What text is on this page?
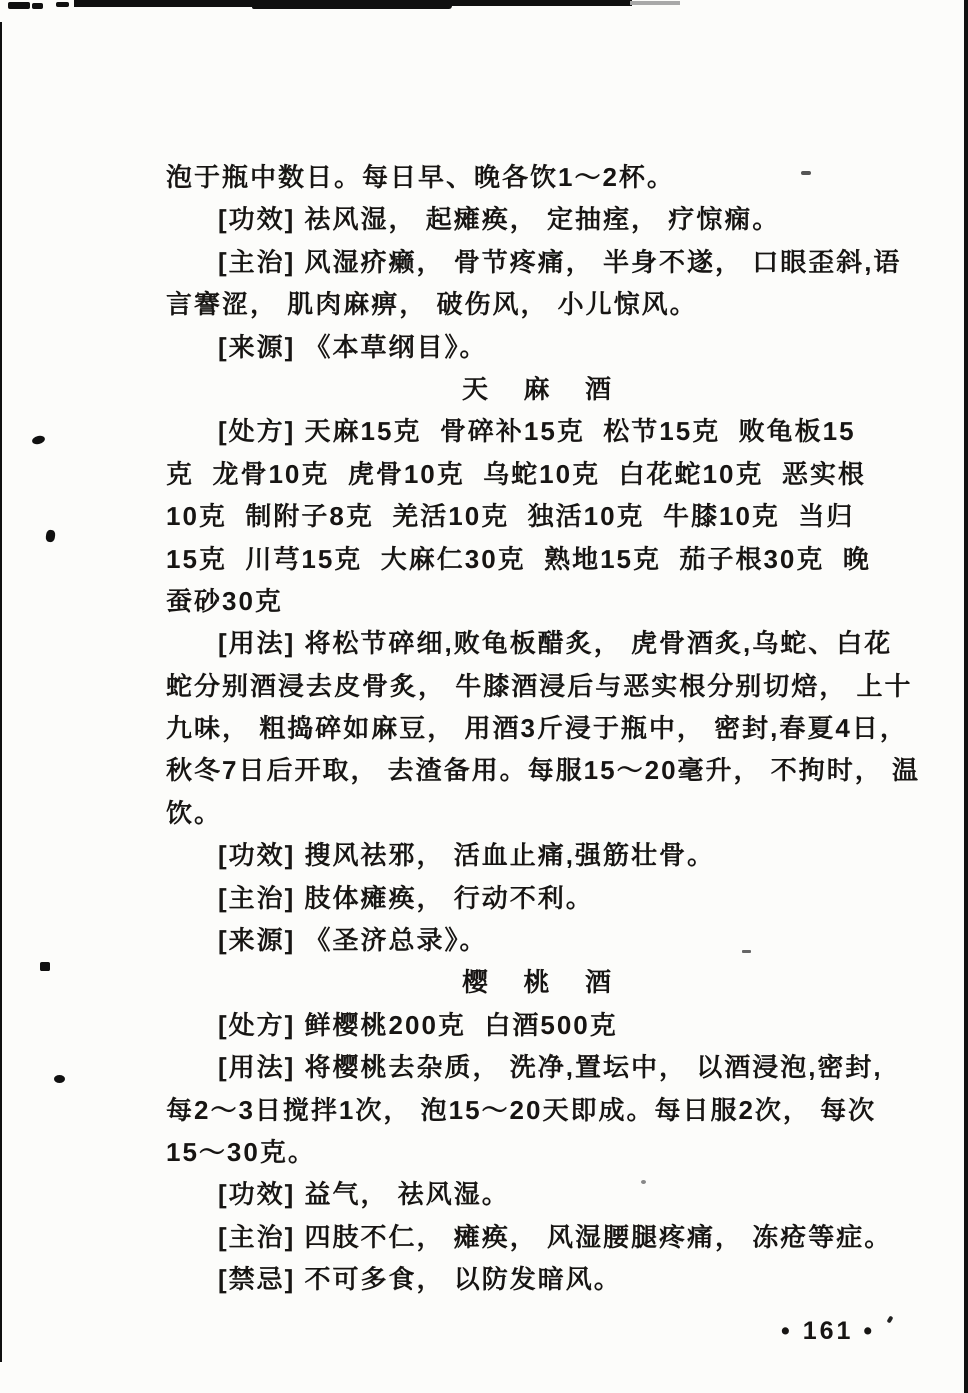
泡于瓶中数日。每日早、晚各饮1～2杯。
[功效] 祛风湿， 起瘫痪， 定抽痓， 疗惊痫。
[主治] 风湿疥癞， 骨节疼痛， 半身不遂， 口眼歪斜,语
言謇涩， 肌肉麻痹， 破伤风， 小儿惊风。
[来源] 《本草纲目》。
天  麻  酒
[处方] 天麻15克  骨碎补15克  松节15克  败龟板15
克  龙骨10克  虎骨10克  乌蛇10克  白花蛇10克  恶实根
10克  制附子8克  羌活10克  独活10克  牛膝10克  当归
15克  川芎15克  大麻仁30克  熟地15克  茄子根30克  晚
蚕砂30克
[用法] 将松节碎细,败龟板醋炙， 虎骨酒炙,乌蛇、白花
蛇分别酒浸去皮骨炙， 牛膝酒浸后与恶实根分别切焙， 上十
九味， 粗捣碎如麻豆， 用酒3斤浸于瓶中， 密封,春夏4日，
秋冬7日后开取， 去渣备用。每服15～20毫升， 不拘时， 温
饮。
[功效] 搜风祛邪， 活血止痛,强筋壮骨。
[主治] 肢体瘫痪， 行动不利。
[来源] 《圣济总录》。
樱  桃  酒
[处方] 鲜樱桃200克  白酒500克
[用法] 将樱桃去杂质， 洗净,置坛中， 以酒浸泡,密封,
每2～3日搅拌1次， 泡15～20天即成。每日服2次， 每次
15～30克。
[功效] 益气， 祛风湿。
[主治] 四肢不仁， 瘫痪， 风湿腰腿疼痛， 冻疮等症。
[禁忌] 不可多食， 以防发暗风。
• 161 •
